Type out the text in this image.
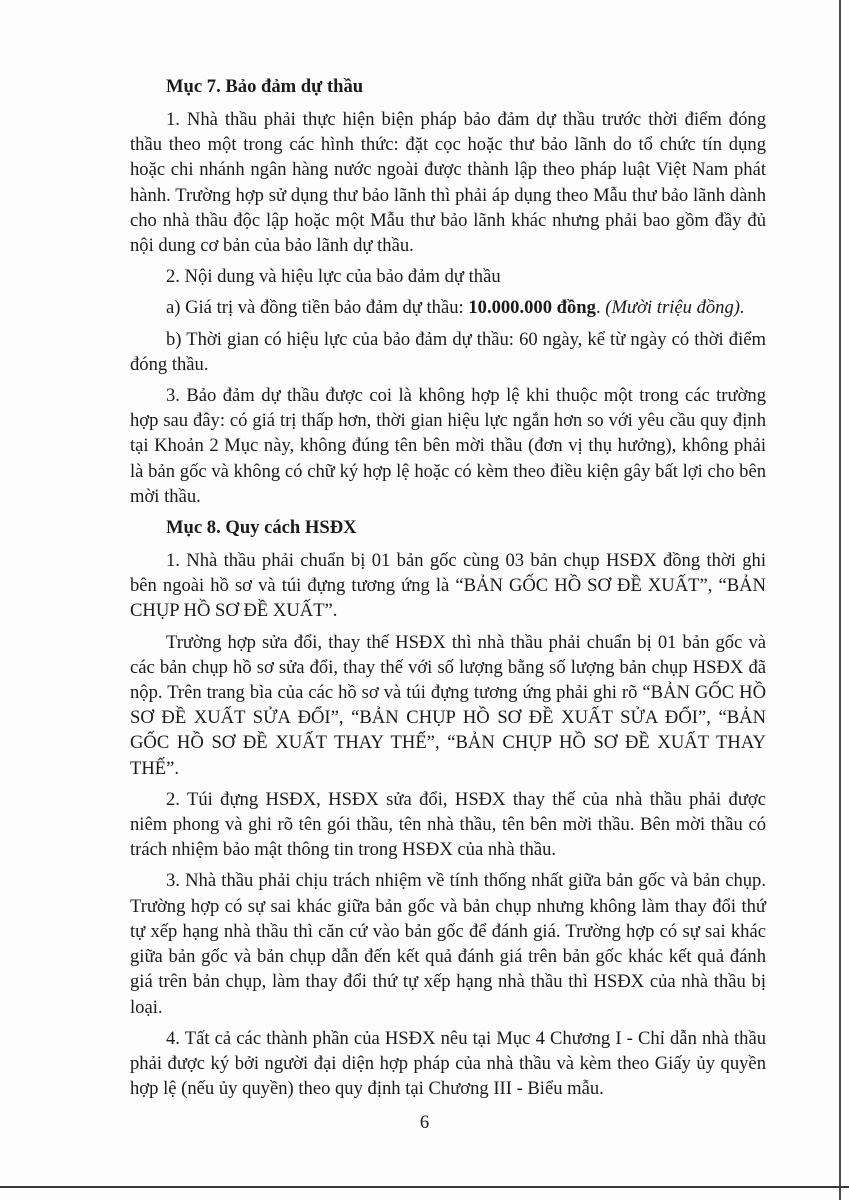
Mục 7. Bảo đảm dự thầu

1. Nhà thầu phải thực hiện biện pháp bảo đảm dự thầu trước thời điểm đóng thầu theo một trong các hình thức: đặt cọc hoặc thư bảo lãnh do tổ chức tín dụng hoặc chi nhánh ngân hàng nước ngoài được thành lập theo pháp luật Việt Nam phát hành. Trường hợp sử dụng thư bảo lãnh thì phải áp dụng theo Mẫu thư bảo lãnh dành cho nhà thầu độc lập hoặc một Mẫu thư bảo lãnh khác nhưng phải bao gồm đầy đủ nội dung cơ bản của bảo lãnh dự thầu.

2. Nội dung và hiệu lực của bảo đảm dự thầu

a) Giá trị và đồng tiền bảo đảm dự thầu: 10.000.000 đồng. (Mười triệu đồng).

b) Thời gian có hiệu lực của bảo đảm dự thầu: 60 ngày, kể từ ngày có thời điểm đóng thầu.

3. Bảo đảm dự thầu được coi là không hợp lệ khi thuộc một trong các trường hợp sau đây: có giá trị thấp hơn, thời gian hiệu lực ngắn hơn so với yêu cầu quy định tại Khoản 2 Mục này, không đúng tên bên mời thầu (đơn vị thụ hưởng), không phải là bản gốc và không có chữ ký hợp lệ hoặc có kèm theo điều kiện gây bất lợi cho bên mời thầu.

Mục 8. Quy cách HSĐX

1. Nhà thầu phải chuẩn bị 01 bản gốc cùng 03 bản chụp HSĐX đồng thời ghi bên ngoài hồ sơ và túi đựng tương ứng là “BẢN GỐC HỒ SƠ ĐỀ XUẤT”, “BẢN CHỤP HỒ SƠ ĐỀ XUẤT”.

Trường hợp sửa đổi, thay thế HSĐX thì nhà thầu phải chuẩn bị 01 bản gốc và các bản chụp hồ sơ sửa đổi, thay thế với số lượng bằng số lượng bản chụp HSĐX đã nộp. Trên trang bìa của các hồ sơ và túi đựng tương ứng phải ghi rõ “BẢN GỐC HỒ SƠ ĐỀ XUẤT SỬA ĐỔI”, “BẢN CHỤP HỒ SƠ ĐỀ XUẤT SỬA ĐỔI”, “BẢN GỐC HỒ SƠ ĐỀ XUẤT THAY THẾ”, “BẢN CHỤP HỒ SƠ ĐỀ XUẤT THAY THẾ”.

2. Túi đựng HSĐX, HSĐX sửa đổi, HSĐX thay thế của nhà thầu phải được niêm phong và ghi rõ tên gói thầu, tên nhà thầu, tên bên mời thầu. Bên mời thầu có trách nhiệm bảo mật thông tin trong HSĐX của nhà thầu.

3. Nhà thầu phải chịu trách nhiệm về tính thống nhất giữa bản gốc và bản chụp. Trường hợp có sự sai khác giữa bản gốc và bản chụp nhưng không làm thay đổi thứ tự xếp hạng nhà thầu thì căn cứ vào bản gốc để đánh giá. Trường hợp có sự sai khác giữa bản gốc và bản chụp dẫn đến kết quả đánh giá trên bản gốc khác kết quả đánh giá trên bản chụp, làm thay đổi thứ tự xếp hạng nhà thầu thì HSĐX của nhà thầu bị loại.

4. Tất cả các thành phần của HSĐX nêu tại Mục 4 Chương I - Chỉ dẫn nhà thầu phải được ký bởi người đại diện hợp pháp của nhà thầu và kèm theo Giấy ủy quyền hợp lệ (nếu ủy quyền) theo quy định tại Chương III - Biểu mẫu.

6
